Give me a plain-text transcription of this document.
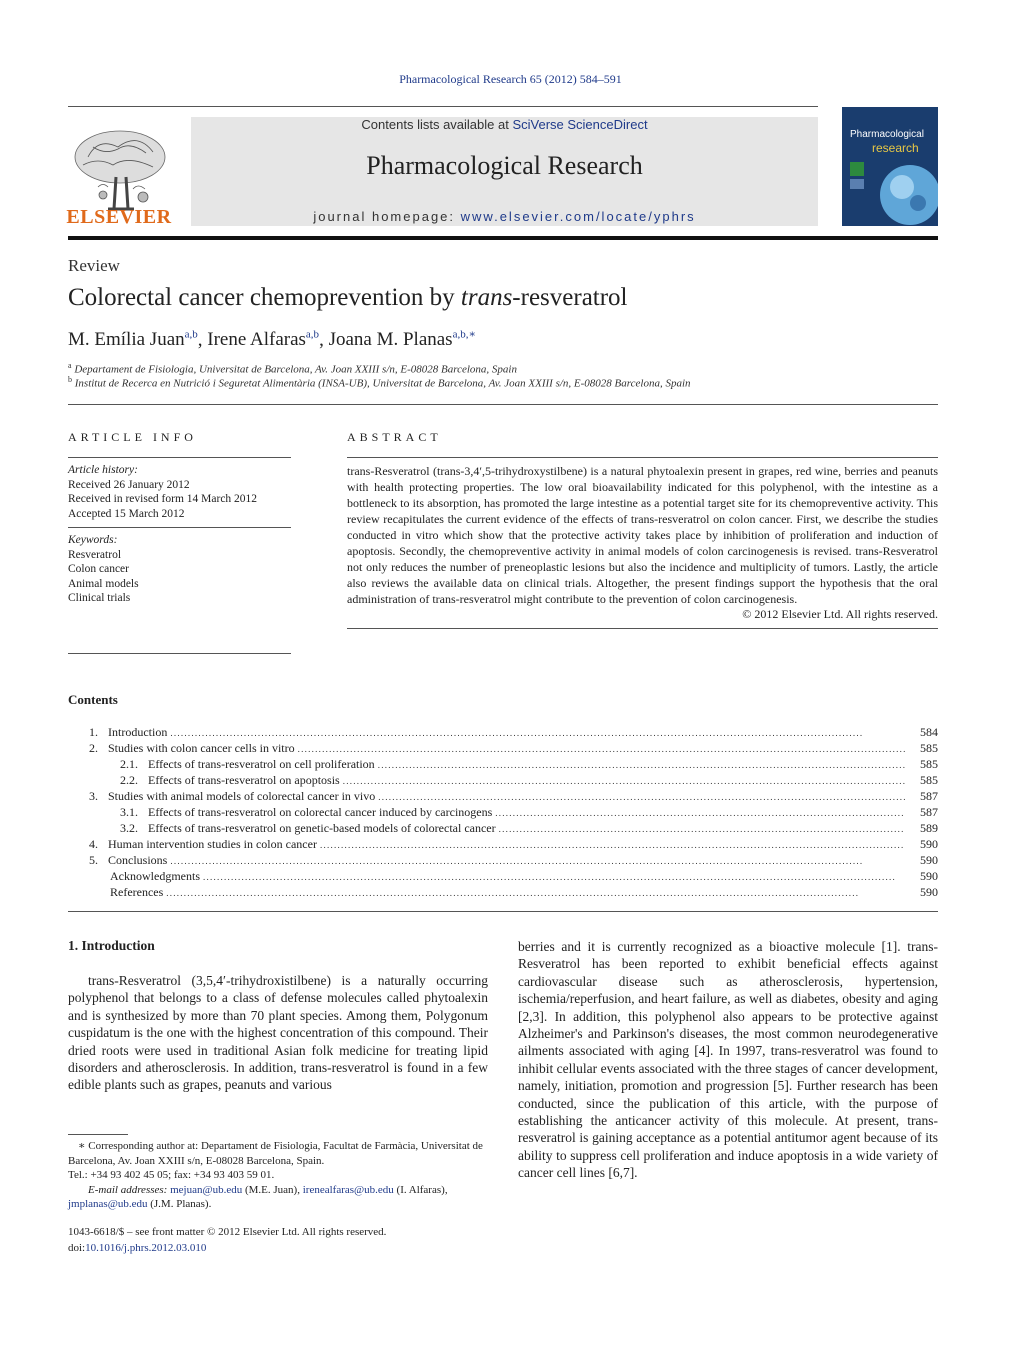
Pharmacological Research 65 (2012) 584–591
ELSEVIER
Contents lists available at SciVerse ScienceDirect
Pharmacological Research
journal homepage: www.elsevier.com/locate/yphrs
Pharmacological
research
Review
Colorectal cancer chemoprevention by trans-resveratrol
M. Emília Juan$^{a,b}$, Irene Alfaras$^{a,b}$, Joana M. Planas$^{a,b,∗}$
$^a$ Departament de Fisiologia, Universitat de Barcelona, Av. Joan XXIII s/n, E-08028 Barcelona, Spain
$^b$ Institut de Recerca en Nutrició i Seguretat Alimentària (INSA-UB), Universitat de Barcelona, Av. Joan XXIII s/n, E-08028 Barcelona, Spain
ARTICLE INFO	ABSTRACT
Article history:
Received 26 January 2012
Received in revised form 14 March 2012
Accepted 15 March 2012
Keywords:
Resveratrol
Colon cancer
Animal models
Clinical trials
trans-Resveratrol (trans-3,4′,5-trihydroxystilbene) is a natural phytoalexin present in grapes, red wine, berries and peanuts with health protecting properties. The low oral bioavailability indicated for this polyphenol, with the intestine as a bottleneck to its absorption, has promoted the large intestine as a potential target site for its chemopreventive activity. This review recapitulates the current evidence of the effects of trans-resveratrol on colon cancer. First, we describe the studies conducted in vitro which show that the protective activity takes place by inhibition of proliferation and induction of apoptosis. Secondly, the chemopreventive activity in animal models of colon carcinogenesis is revised. trans-Resveratrol not only reduces the number of preneoplastic lesions but also the incidence and multiplicity of tumors. Lastly, the article also reviews the available data on clinical trials. Altogether, the present findings support the hypothesis that the oral administration of trans-resveratrol might contribute to the prevention of colon carcinogenesis.
© 2012 Elsevier Ltd. All rights reserved.
Contents
1. Introduction . . .	584
2. Studies with colon cancer cells in vitro . . .	585
2.1. Effects of trans-resveratrol on cell proliferation . . .	585
2.2. Effects of trans-resveratrol on apoptosis . . .	585
3. Studies with animal models of colorectal cancer in vivo . . .	587
3.1. Effects of trans-resveratrol on colorectal cancer induced by carcinogens . . .	587
3.2. Effects of trans-resveratrol on genetic-based models of colorectal cancer . . .	589
4. Human intervention studies in colon cancer . . .	590
5. Conclusions . . .	590
Acknowledgments . . .	590
References . . .	590
1. Introduction

trans-Resveratrol (3,5,4′-trihydroxistilbene) is a naturally occurring polyphenol that belongs to a class of defense molecules called phytoalexin and is synthesized by more than 70 plant species. Among them, Polygonum cuspidatum is the one with the highest concentration of this compound. Their dried roots were used in traditional Asian folk medicine for treating lipid disorders and atherosclerosis. In addition, trans-resveratrol is found in a few edible plants such as grapes, peanuts and various

berries and it is currently recognized as a bioactive molecule [1]. trans-Resveratrol has been reported to exhibit beneficial effects against cardiovascular disease such as atherosclerosis, hypertension, ischemia/reperfusion, and heart failure, as well as diabetes, obesity and aging [2,3]. In addition, this polyphenol also appears to be protective against Alzheimer's and Parkinson's diseases, the most common neurodegenerative ailments associated with aging [4]. In 1997, trans-resveratrol was found to inhibit cellular events associated with the three stages of cancer development, namely, initiation, promotion and progression [5]. Further research has been conducted, since the publication of this article, with the purpose of establishing the anticancer activity of this molecule. At present, trans-resveratrol is gaining acceptance as a potential antitumor agent because of its ability to suppress cell proliferation and induce apoptosis in a wide variety of cancer cell lines [6,7].

∗ Corresponding author at: Departament de Fisiologia, Facultat de Farmàcia, Universitat de Barcelona, Av. Joan XXIII s/n, E-08028 Barcelona, Spain.
Tel.: +34 93 402 45 05; fax: +34 93 403 59 01.
E-mail addresses: mejuan@ub.edu (M.E. Juan), irenealfaras@ub.edu (I. Alfaras), jmplanas@ub.edu (J.M. Planas).
1043-6618/$ – see front matter © 2012 Elsevier Ltd. All rights reserved.
doi:10.1016/j.phrs.2012.03.010
